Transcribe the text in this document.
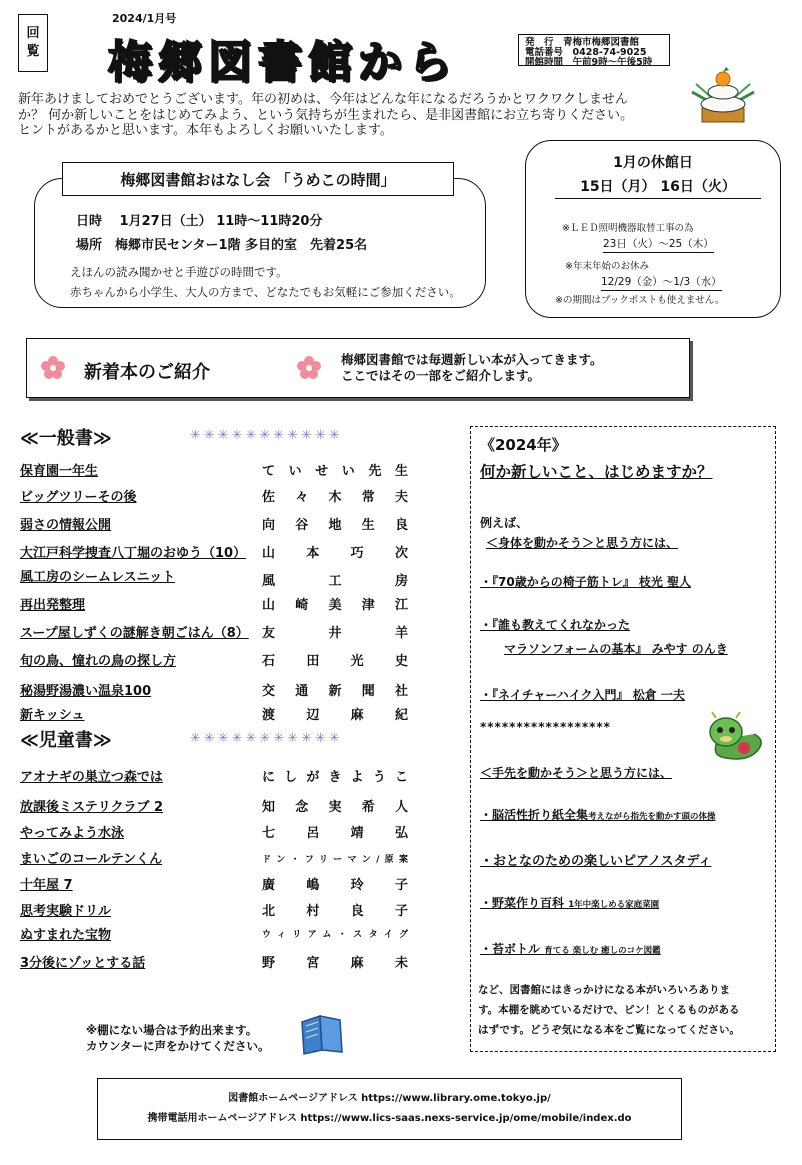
回
覧
2024/1月号
梅郷図書館から	発　行　青梅市梅郷図書館
電話番号　0428-74-9025
開館時間　午前9時～午後5時
新年あけましておめでとうございます。年の初めは、今年はどんな年になるだろうかとワクワクしません
か？ 何か新しいことをはじめてみよう、という気持ちが生まれたら、是非図書館にお立ち寄りください。
ヒントがあるかと思います。本年もよろしくお願いいたします。
梅郷図書館おはなし会 「うめこの時間」
日時　 1月27日（土） 11時～11時20分
場所　梅郷市民センター1階 多目的室　先着25名
えほんの読み聞かせと手遊びの時間です。
赤ちゃんから小学生、大人の方まで、どなたでもお気軽にご参加ください。
1月の休館日
15日（月） 16日（火）
※ＬＥＤ照明機器取替工事の為
23日（火）～25（木）
※年末年始のお休み
12/29（金）～1/3（水）
※の期間はブックポストも使えません。
新着本のご紹介
梅郷図書館では毎週新しい本が入ってきます。
ここではその一部をご紹介します。
≪一般書≫	✳✳✳✳✳✳✳✳✳✳✳
保育園一年生	ていせい先生
ビッグツリーその後	佐々木常夫
弱さの情報公開	向谷地生良
大江戸科学捜査八丁堀のおゆう（10） 山本巧次
風工房のシームレスニット	風工房
再出発整理	山崎美津江
スープ屋しずくの謎解き朝ごはん（8） 友井羊
旬の鳥、憧れの鳥の探し方	石田光史
秘湯野湯濃い温泉100	交通新聞社
新キッシュ	渡辺麻紀
≪児童書≫	✳✳✳✳✳✳✳✳✳✳✳
アオナギの巣立つ森では	にしがきようこ
放課後ミステリクラブ 2	知念実希人
やってみよう水泳	七呂靖弘
まいごのコールテンくん	ドン・フリーマン/原案
十年屋 7	廣嶋玲子
思考実験ドリル	北村良子
ぬすまれた宝物	ウィリアム・スタイグ
3分後にゾッとする話	野宮麻未
※棚にない場合は予約出来ます。
カウンターに声をかけてください。
《2024年》
何か新しいこと、はじめますか？
例えば、
＜身体を動かそう＞と思う方には、
・『70歳からの椅子筋トレ』 枝光 聖人
・『誰も教えてくれなかった
マラソンフォームの基本』 みやす のんき
・『ネイチャーハイク入門』 松倉 一夫
******************
＜手先を動かそう＞と思う方には、
・脳活性折り紙全集考えながら指先を動かす頭の体操
・おとなのための楽しいピアノスタディ
・野菜作り百科 1年中楽しめる家庭菜園
・苔ボトル 育てる 楽しむ 癒しのコケ図鑑
など、図書館にはきっかけになる本がいろいろありま
す。本棚を眺めているだけで、ピン！とくるものがある
はずです。どうぞ気になる本をご覧になってください。
図書館ホームページアドレス https://www.library.ome.tokyo.jp/
携帯電話用ホームページアドレス https://www.lics-saas.nexs-service.jp/ome/mobile/index.do
